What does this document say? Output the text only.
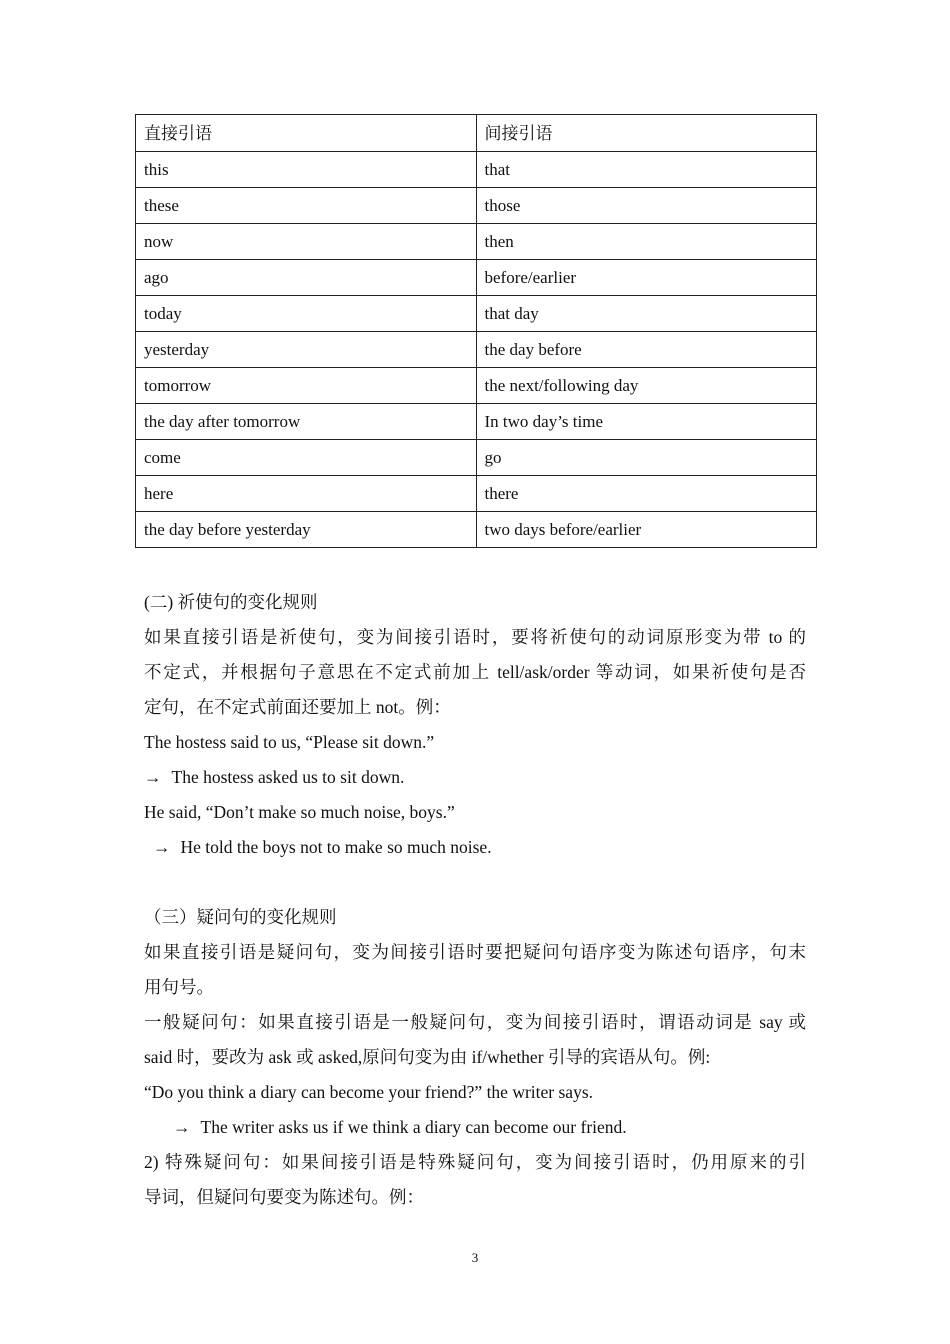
直接引语	间接引语
this	that
these	those
now	then
ago	before/earlier
today	that day
yesterday	the day before
tomorrow	the next/following day
the day after tomorrow	In two day’s time
come	go
here	there
the day before yesterday	two days before/earlier
(二) 祈使句的变化规则
如果直接引语是祈使句，变为间接引语时，要将祈使句的动词原形变为带 to 的
不定式，并根据句子意思在不定式前加上 tell/ask/order 等动词，如果祈使句是否
定句，在不定式前面还要加上 not。例：
The hostess said to us, “Please sit down.”
→ The hostess asked us to sit down.
He said, “Don’t make so much noise, boys.”
→ He told the boys not to make so much noise.
（三）疑问句的变化规则
如果直接引语是疑问句，变为间接引语时要把疑问句语序变为陈述句语序，句末
用句号。
一般疑问句：如果直接引语是一般疑问句，变为间接引语时，谓语动词是 say 或
said 时，要改为 ask 或 asked,原问句变为由 if/whether 引导的宾语从句。例:
“Do you think a diary can become your friend?” the writer says.
→ The writer asks us if we think a diary can become our friend.
2) 特殊疑问句：如果间接引语是特殊疑问句，变为间接引语时，仍用原来的引
导词，但疑问句要变为陈述句。例：
3
